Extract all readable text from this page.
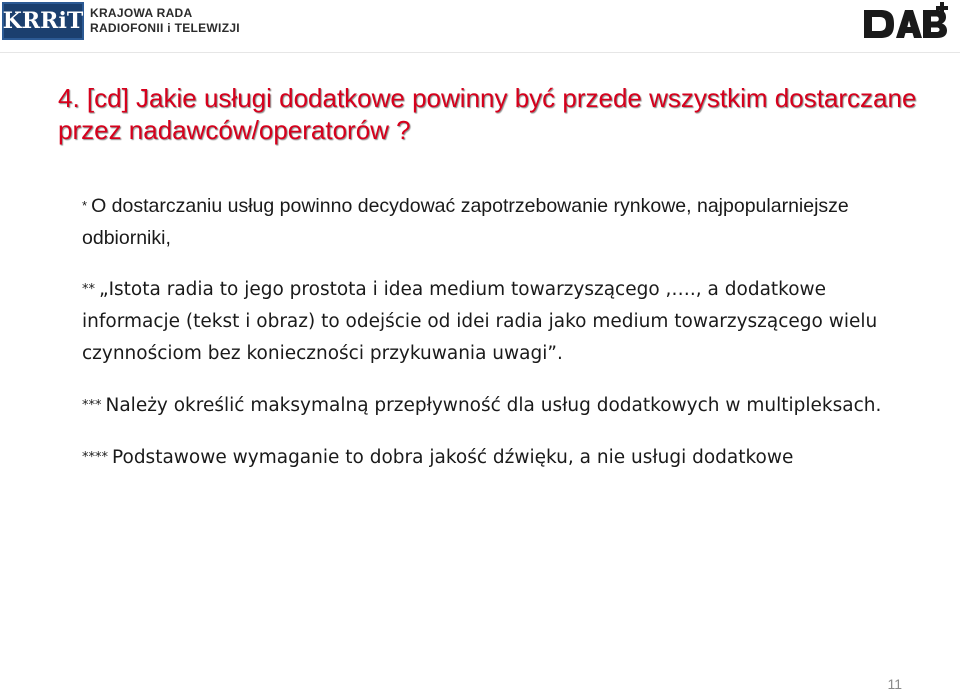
KRRiT KRAJOWA RADA
RADIOFONII i TELEWIZJI
4. [cd] Jakie usługi dodatkowe powinny być przede wszystkim dostarczane przez nadawców/operatorów ?

* O dostarczaniu usług powinno decydować zapotrzebowanie rynkowe, najpopularniejsze odbiorniki,

** „Istota radia to jego prostota i idea medium towarzyszącego ,…., a dodatkowe informacje (tekst i obraz) to odejście od idei radia jako medium towarzyszącego wielu czynnościom bez konieczności przykuwania uwagi”.

*** Należy określić maksymalną przepływność dla usług dodatkowych w multipleksach.

**** Podstawowe wymaganie to dobra jakość dźwięku, a nie usługi dodatkowe

11
